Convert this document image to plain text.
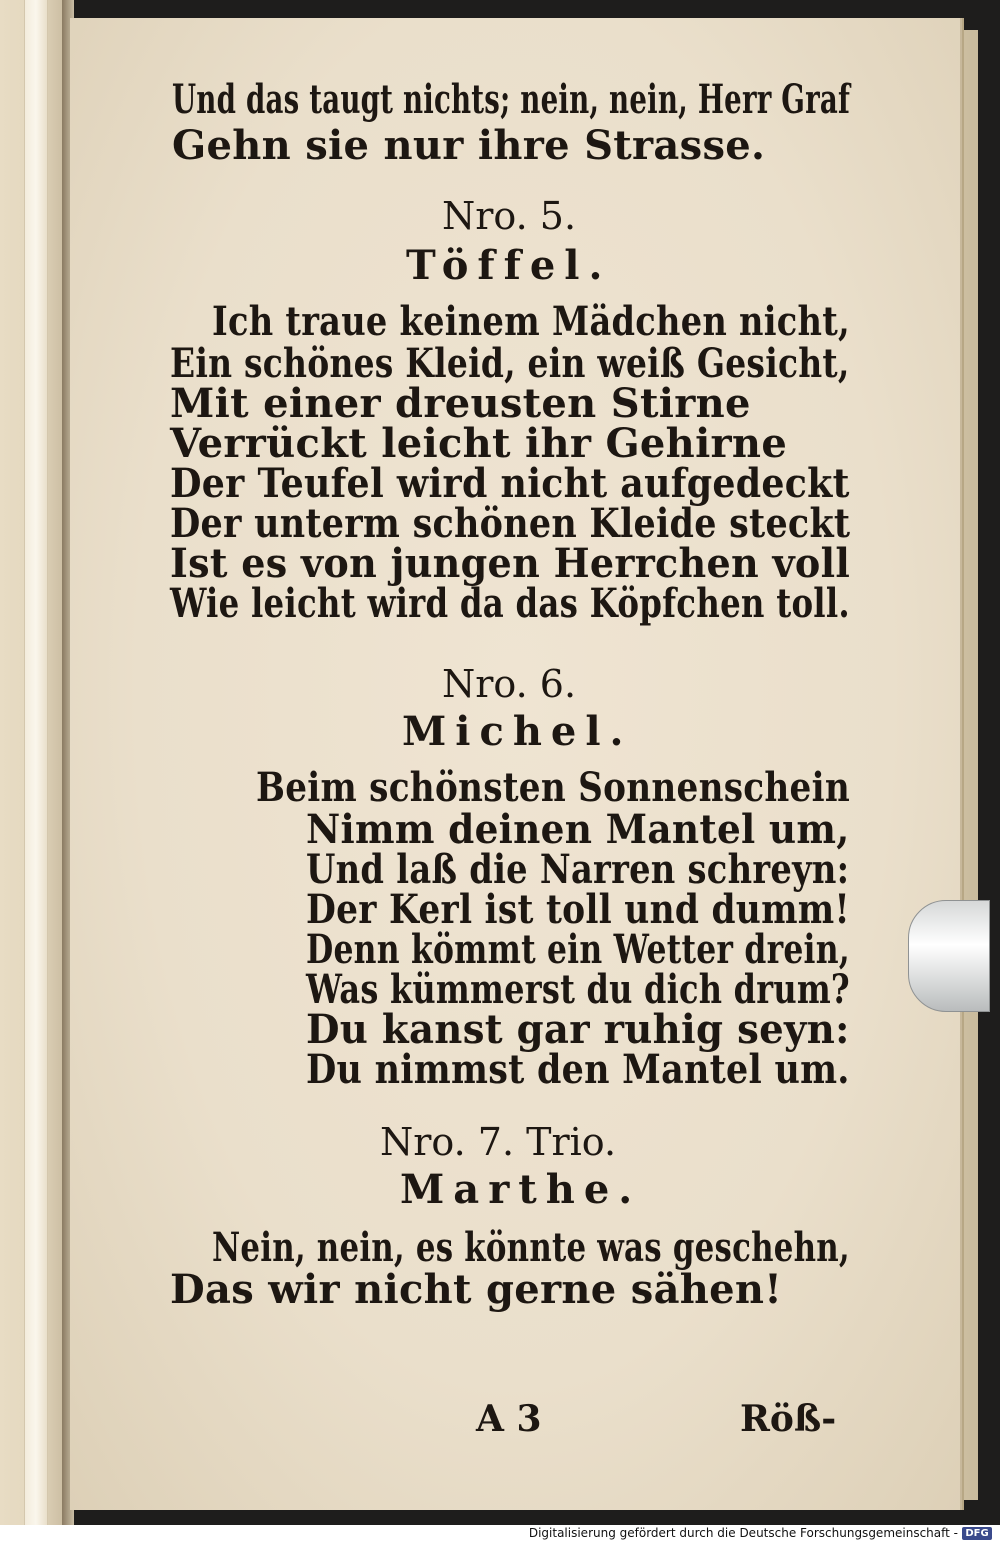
Und das taugt nichts; nein, nein, Herr Graf
Gehn sie nur ihre Strasse.
Nro. 5.
Töffel.
Ich traue keinem Mädchen nicht,
Ein schönes Kleid, ein weiß Gesicht,
Mit einer dreusten Stirne
Verrückt leicht ihr Gehirne
Der Teufel wird nicht aufgedeckt
Der unterm schönen Kleide steckt
Ist es von jungen Herrchen voll
Wie leicht wird da das Köpfchen toll.
Nro. 6.
Michel.
Beim schönsten Sonnenschein
Nimm deinen Mantel um,
Und laß die Narren schreyn:
Der Kerl ist toll und dumm!
Denn kömmt ein Wetter drein,
Was kümmerst du dich drum?
Du kanst gar ruhig seyn:
Du nimmst den Mantel um.
Nro. 7. Trio.
Marthe.
Nein, nein, es könnte was geschehn,
Das wir nicht gerne sähen!
A 3	Röß-
Digitalisierung gefördert durch die Deutsche Forschungsgemeinschaft - DFG
